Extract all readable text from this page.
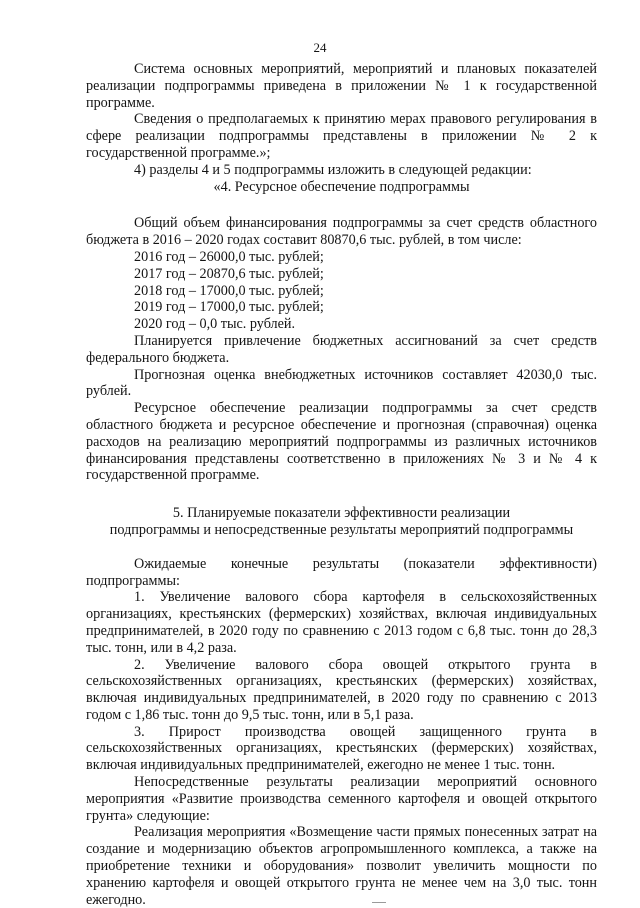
24

Система основных мероприятий, мероприятий и плановых показателей реализации подпрограммы приведена в приложении № 1 к государственной программе.

Сведения о предполагаемых к принятию мерах правового регулирования в сфере реализации подпрограммы представлены в приложении № 2 к государственной программе.»;

4) разделы 4 и 5 подпрограммы изложить в следующей редакции:

«4. Ресурсное обеспечение подпрограммы

Общий объем финансирования подпрограммы за счет средств областного бюджета в 2016 – 2020 годах составит 80870,6 тыс. рублей, в том числе:

2016 год – 26000,0 тыс. рублей;

2017 год – 20870,6 тыс. рублей;

2018 год – 17000,0 тыс. рублей;

2019 год – 17000,0 тыс. рублей;

2020 год – 0,0 тыс. рублей.

Планируется привлечение бюджетных ассигнований за счет средств федерального бюджета.

Прогнозная оценка внебюджетных источников составляет 42030,0 тыс. рублей.

Ресурсное обеспечение реализации подпрограммы за счет средств областного бюджета и ресурсное обеспечение и прогнозная (справочная) оценка расходов на реализацию мероприятий подпрограммы из различных источников финансирования представлены соответственно в приложениях № 3 и № 4 к государственной программе.

5. Планируемые показатели эффективности реализации

подпрограммы и непосредственные результаты мероприятий подпрограммы

Ожидаемые конечные результаты (показатели эффективности) подпрограммы:

1. Увеличение валового сбора картофеля в сельскохозяйственных организациях, крестьянских (фермерских) хозяйствах, включая индивидуальных предпринимателей, в 2020 году по сравнению с 2013 годом с 6,8 тыс. тонн до 28,3 тыс. тонн, или в 4,2 раза.

2. Увеличение валового сбора овощей открытого грунта в сельскохозяйственных организациях, крестьянских (фермерских) хозяйствах, включая индивидуальных предпринимателей, в 2020 году по сравнению с 2013 годом с 1,86 тыс. тонн до 9,5 тыс. тонн, или в 5,1 раза.

3. Прирост производства овощей защищенного грунта в сельскохозяйственных организациях, крестьянских (фермерских) хозяйствах, включая индивидуальных предпринимателей, ежегодно не менее 1 тыс. тонн.

Непосредственные результаты реализации мероприятий основного мероприятия «Развитие производства семенного картофеля и овощей открытого грунта» следующие:

Реализация мероприятия «Возмещение части прямых понесенных затрат на создание и модернизацию объектов агропромышленного комплекса, а также на приобретение техники и оборудования» позволит увеличить мощности по хранению картофеля и овощей открытого грунта не менее чем на 3,0 тыс. тонн ежегодно.
